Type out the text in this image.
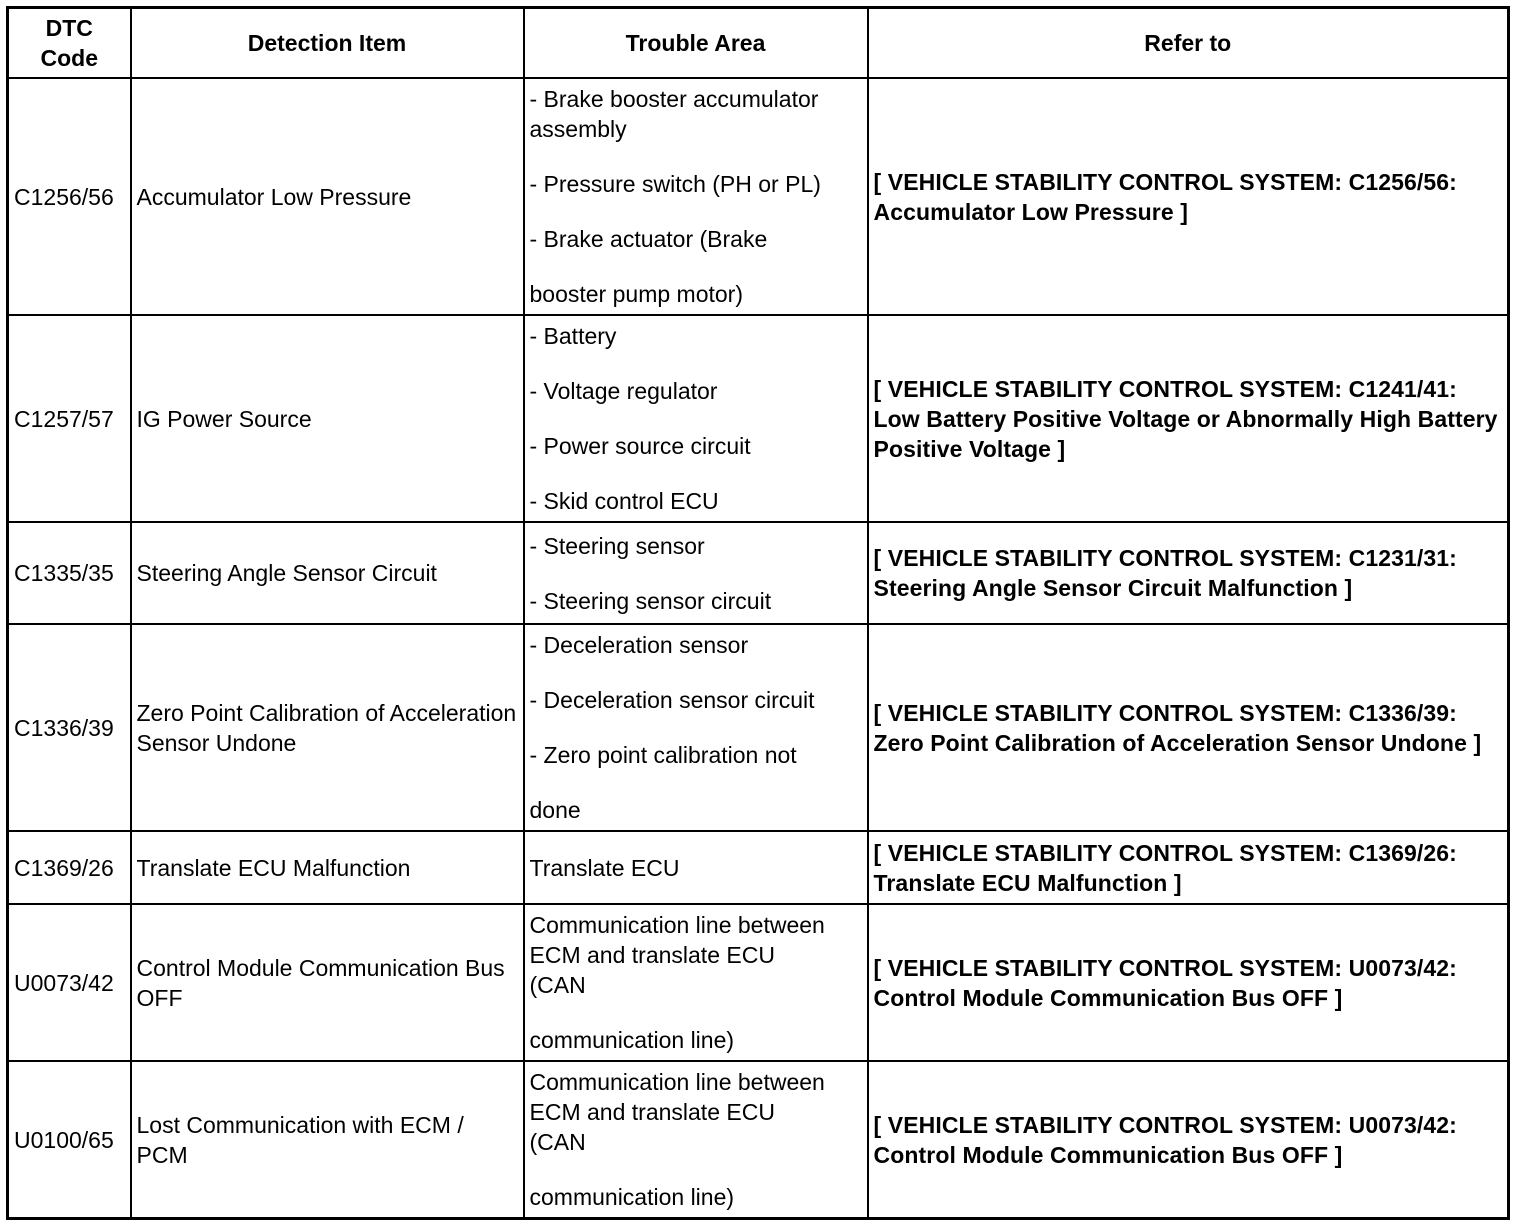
DTC Code	Detection Item	Trouble Area	Refer to
C1256/56	Accumulator Low Pressure	- Brake booster accumulator
assembly
- Pressure switch (PH or PL)
- Brake actuator (Brake
booster pump motor)	[ VEHICLE STABILITY CONTROL SYSTEM: C1256/56: Accumulator Low Pressure ]
C1257/57	IG Power Source	- Battery
- Voltage regulator
- Power source circuit
- Skid control ECU	[ VEHICLE STABILITY CONTROL SYSTEM: C1241/41: Low Battery Positive Voltage or Abnormally High Battery Positive Voltage ]
C1335/35	Steering Angle Sensor Circuit	- Steering sensor
- Steering sensor circuit	[ VEHICLE STABILITY CONTROL SYSTEM: C1231/31: Steering Angle Sensor Circuit Malfunction ]
C1336/39	Zero Point Calibration of Acceleration Sensor Undone	- Deceleration sensor
- Deceleration sensor circuit
- Zero point calibration not
done	[ VEHICLE STABILITY CONTROL SYSTEM: C1336/39: Zero Point Calibration of Acceleration Sensor Undone ]
C1369/26	Translate ECU Malfunction	Translate ECU	[ VEHICLE STABILITY CONTROL SYSTEM: C1369/26: Translate ECU Malfunction ]
U0073/42	Control Module Communication Bus OFF	Communication line between
ECM and translate ECU
(CAN
communication line)	[ VEHICLE STABILITY CONTROL SYSTEM: U0073/42: Control Module Communication Bus OFF ]
U0100/65	Lost Communication with ECM / PCM	Communication line between
ECM and translate ECU
(CAN
communication line)	[ VEHICLE STABILITY CONTROL SYSTEM: U0073/42: Control Module Communication Bus OFF ]
